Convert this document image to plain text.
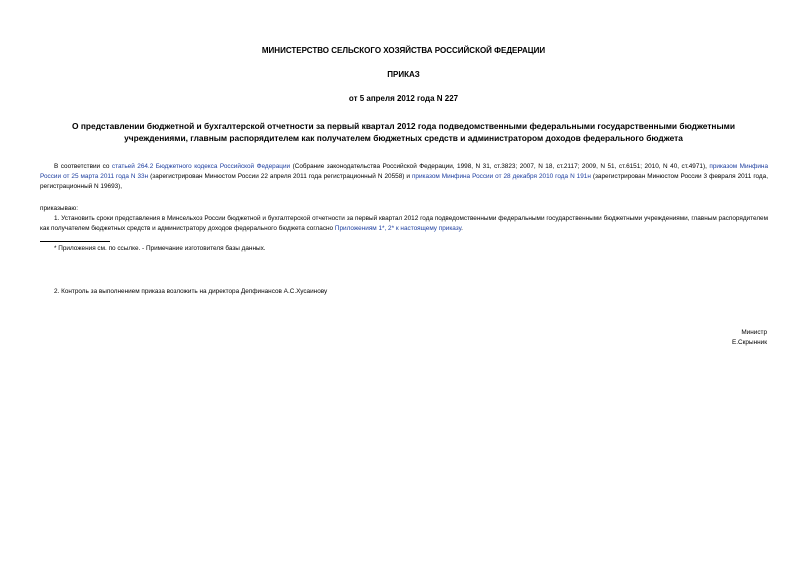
МИНИСТЕРСТВО СЕЛЬСКОГО ХОЗЯЙСТВА РОССИЙСКОЙ ФЕДЕРАЦИИ
ПРИКАЗ
от 5 апреля 2012 года N 227
О представлении бюджетной и бухгалтерской отчетности за первый квартал 2012 года подведомственными федеральными государственными бюджетными учреждениями, главным распорядителем как получателем бюджетных средств и администратором доходов федерального бюджета
В соответствии со статьей 264.2 Бюджетного кодекса Российской Федерации (Собрание законодательства Российской Федерации, 1998, N 31, ст.3823; 2007, N 18, ст.2117; 2009, N 51, ст.6151; 2010, N 40, ст.4971), приказом Минфина России от 25 марта 2011 года N 33н (зарегистрирован Минюстом России 22 апреля 2011 года регистрационный N 20558) и приказом Минфина России от 28 декабря 2010 года N 191н (зарегистрирован Минюстом России 3 февраля 2011 года, регистрационный N 19693),
приказываю:
1. Установить сроки представления в Минсельхоз России бюджетной и бухгалтерской отчетности за первый квартал 2012 года подведомственными федеральными государственными бюджетными учреждениями, главным распорядителем как получателем бюджетных средств и администратору доходов федерального бюджета согласно Приложениям 1*, 2* к настоящему приказу.
* Приложения см. по ссылке. - Примечание изготовителя базы данных.
2. Контроль за выполнением приказа возложить на директора Депфинансов А.С.Хусаинову
Министр
Е.Скрынник
